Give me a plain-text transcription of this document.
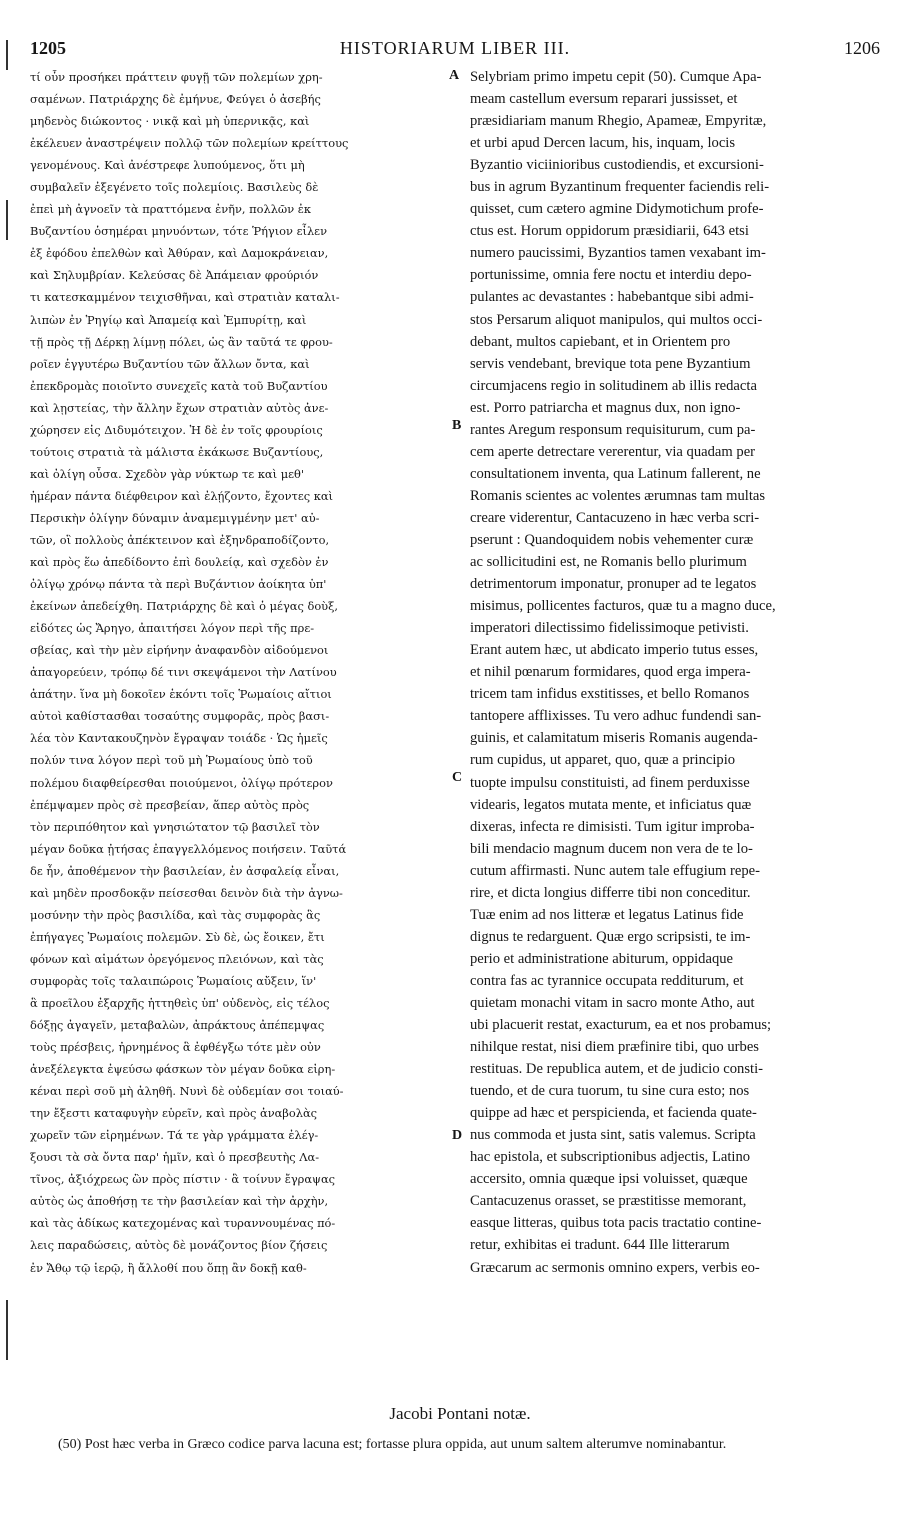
1205	HISTORIARUM LIBER III.	1206
τί οὖν προσήκει πράττειν φυγῇ τῶν πολεμίων χρη-
σαμένων. Πατριάρχης δὲ ἐμήνυε, Φεύγει ὁ ἀσεβής
μηδενὸς διώκοντος · νικᾷ καὶ μὴ ὑπερνικᾷς, καὶ
ἐκέλευεν ἀναστρέψειν πολλῷ τῶν πολεμίων κρείττους
γενομένους. Καὶ ἀνέστρεφε λυπούμενος, ὅτι μὴ
συμβαλεῖν ἐξεγένετο τοῖς πολεμίοις. Βασιλεὺς δὲ
ἐπεὶ μὴ ἀγνοεῖν τὰ πραττόμενα ἐνῆν, πολλῶν ἐκ
Βυζαντίου ὁσημέραι μηνυόντων, τότε Ῥήγιον εἷλεν
ἐξ ἐφόδου ἐπελθὼν καὶ Ἀθύραν, καὶ Δαμοκράνειαν,
καὶ Σηλυμβρίαν. Κελεύσας δὲ Ἀπάμειαν φρούριόν
τι κατεσκαμμένον τειχισθῆναι, καὶ στρατιὰν καταλι-
λιπὼν ἐν Ῥηγίῳ καὶ Ἀπαμείᾳ καὶ Ἐμπυρίτῃ, καὶ
τῇ πρὸς τῇ Δέρκῃ λίμνῃ πόλει, ὡς ἂν ταῦτά τε φρου-
ροῖεν ἐγγυτέρω Βυζαντίου τῶν ἄλλων ὄντα, καὶ
ἐπεκδρομὰς ποιοῖντο συνεχεῖς κατὰ τοῦ Βυζαντίου
καὶ λῃστείας, τὴν ἄλλην ἔχων στρατιὰν αὐτὸς ἀνε-
χώρησεν εἰς Διδυμότειχον. Ἡ δὲ ἐν τοῖς φρουρίοις
τούτοις στρατιὰ τὰ μάλιστα ἐκάκωσε Βυζαντίους,
καὶ ὀλίγη οὖσα. Σχεδὸν γὰρ νύκτωρ τε καὶ μεθ'
ἡμέραν πάντα διέφθειρον καὶ ἐλῄζοντο, ἔχοντες καὶ
Περσικὴν ὀλίγην δύναμιν ἀναμεμιγμένην μετ' αὐ-
τῶν, οἳ πολλοὺς ἀπέκτεινον καὶ ἐξηνδραποδίζοντο,
καὶ πρὸς ἕω ἀπεδίδοντο ἐπὶ δουλείᾳ, καὶ σχεδὸν ἐν
ὀλίγῳ χρόνῳ πάντα τὰ περὶ Βυζάντιον ἀοίκητα ὑπ'
ἐκείνων ἀπεδείχθη. Πατριάρχης δὲ καὶ ὁ μέγας δοὺξ,
εἰδότες ὡς Ἄρηγο, ἀπαιτήσει λόγον περὶ τῆς πρε-
σβείας, καὶ τὴν μὲν εἰρήνην ἀναφανδὸν αἰδούμενοι
ἀπαγορεύειν, τρόπῳ δέ τινι σκεψάμενοι τὴν Λατίνου
ἀπάτην. ἵνα μὴ δοκοῖεν ἑκόντι τοῖς Ῥωμαίοις αἴτιοι
αὐτοὶ καθίστασθαι τοσαύτης συμφορᾶς, πρὸς βασι-
λέα τὸν Καντακουζηνὸν ἔγραψαν τοιάδε · Ὡς ἡμεῖς
πολύν τινα λόγον περὶ τοῦ μὴ Ῥωμαίους ὑπὸ τοῦ
πολέμου διαφθείρεσθαι ποιούμενοι, ὀλίγῳ πρότερον
ἐπέμψαμεν πρὸς σὲ πρεσβείαν, ἅπερ αὐτὸς πρὸς
τὸν περιπόθητον καὶ γνησιώτατον τῷ βασιλεῖ τὸν
μέγαν δοῦκα ᾐτήσας ἐπαγγελλόμενος ποιήσειν. Ταῦτά
δε ἦν, ἀποθέμενον τὴν βασιλείαν, ἐν ἀσφαλείᾳ εἶναι,
καὶ μηδὲν προσδοκᾷν πείσεσθαι δεινὸν διὰ τὴν ἀγνω-
μοσύνην τὴν πρὸς βασιλίδα, καὶ τὰς συμφορὰς ἃς
ἐπήγαγες Ῥωμαίοις πολεμῶν. Σὺ δὲ, ὡς ἔοικεν, ἔτι
φόνων καὶ αἱμάτων ὀρεγόμενος πλειόνων, καὶ τὰς
συμφορὰς τοῖς ταλαιπώροις Ῥωμαίοις αὔξειν, ἵν'
ἃ προεῖλου ἐξαρχῆς ἡττηθεὶς ὑπ' οὐδενὸς, εἰς τέλος
δόξῃς ἀγαγεῖν, μεταβαλὼν, ἀπράκτους ἀπέπεμψας
τοὺς πρέσβεις, ἠρνημένος ἃ ἐφθέγξω τότε μὲν οὐν
ἀνεξέλεγκτα ἐψεύσω φάσκων τὸν μέγαν δοῦκα εἰρη-
κέναι περὶ σοῦ μὴ ἀληθῆ. Νυνὶ δὲ οὐδεμίαν σοι τοιαύ-
την ἔξεστι καταφυγὴν εὑρεῖν, καὶ πρὸς ἀναβολὰς
χωρεῖν τῶν εἰρημένων. Τά τε γὰρ γράμματα ἐλέγ-
ξουσι τὰ σὰ ὄντα παρ' ἡμῖν, καὶ ὁ πρεσβευτὴς Λα-
τῖνος, ἀξιόχρεως ὢν πρὸς πίστιν · ἃ τοίνυν ἔγραψας
αὐτὸς ὡς ἀποθήσῃ τε τὴν βασιλείαν καὶ τὴν ἀρχὴν,
καὶ τὰς ἀδίκως κατεχομένας καὶ τυραννουμένας πό-
λεις παραδώσεις, αὐτὸς δὲ μονάζοντος βίον ζήσεις
ἐν Ἄθῳ τῷ ἱερῷ, ἢ ἄλλοθί που ὅπῃ ἂν δοκῇ καθ-
A
B
C
D
Selybriam primo impetu cepit (50). Cumque Apa-
meam castellum eversum reparari jussisset, et
præsidiariam manum Rhegio, Apameæ, Empyritæ,
et urbi apud Dercen lacum, his, inquam, locis
Byzantio viciinioribus custodiendis, et excursioni-
bus in agrum Byzantinum frequenter faciendis reli-
quisset, cum cætero agmine Didymotichum profe-
ctus est. Horum oppidorum præsidiarii, 643 etsi
numero paucissimi, Byzantios tamen vexabant im-
portunissime, omnia fere noctu et interdiu depo-
pulantes ac devastantes : habebantque sibi admi-
stos Persarum aliquot manipulos, qui multos occi-
debant, multos capiebant, et in Orientem pro
servis vendebant, brevique tota pene Byzantium
circumjacens regio in solitudinem ab illis redacta
est. Porro patriarcha et magnus dux, non igno-
rantes Aregum responsum requisiturum, cum pa-
cem aperte detrectare vererentur, via quadam per
consultationem inventa, qua Latinum fallerent, ne
Romanis scientes ac volentes ærumnas tam multas
creare viderentur, Cantacuzeno in hæc verba scri-
pserunt : Quandoquidem nobis vehementer curæ
ac sollicitudini est, ne Romanis bello plurimum
detrimentorum imponatur, pronuper ad te legatos
misimus, pollicentes facturos, quæ tu a magno duce,
imperatori dilectissimo fidelissimoque petivisti.
Erant autem hæc, ut abdicato imperio tutus esses,
et nihil pœnarum formidares, quod erga impera-
tricem tam infidus exstitisses, et bello Romanos
tantopere afflixisses. Tu vero adhuc fundendi san-
guinis, et calamitatum miseris Romanis augenda-
rum cupidus, ut apparet, quo, quæ a principio
tuopte impulsu constituisti, ad finem perduxisse
videaris, legatos mutata mente, et inficiatus quæ
dixeras, infecta re dimisisti. Tum igitur improba-
bili mendacio magnum ducem non vera de te lo-
cutum affirmasti. Nunc autem tale effugium repe-
rire, et dicta longius differre tibi non conceditur.
Tuæ enim ad nos litteræ et legatus Latinus fide
dignus te redarguent. Quæ ergo scripsisti, te im-
perio et administratione abiturum, oppidaque
contra fas ac tyrannice occupata redditurum, et
quietam monachi vitam in sacro monte Atho, aut
ubi placuerit restat, exacturum, ea et nos probamus;
nihilque restat, nisi diem præfinire tibi, quo urbes
restituas. De republica autem, et de judicio consti-
tuendo, et de cura tuorum, tu sine cura esto; nos
quippe ad hæc et perspicienda, et facienda quate-
nus commoda et justa sint, satis valemus. Scripta
hac epistola, et subscriptionibus adjectis, Latino
accersito, omnia quæque ipsi voluisset, quæque
Cantacuzenus orasset, se præstitisse memorant,
easque litteras, quibus tota pacis tractatio contine-
retur, exhibitas ei tradunt. 644 Ille litterarum
Græcarum ac sermonis omnino expers, verbis eo-
Jacobi Pontani notæ.
(50) Post hæc verba in Græco codice parva lacuna est; fortasse plura oppida, aut unum saltem alterumve nominabantur.
